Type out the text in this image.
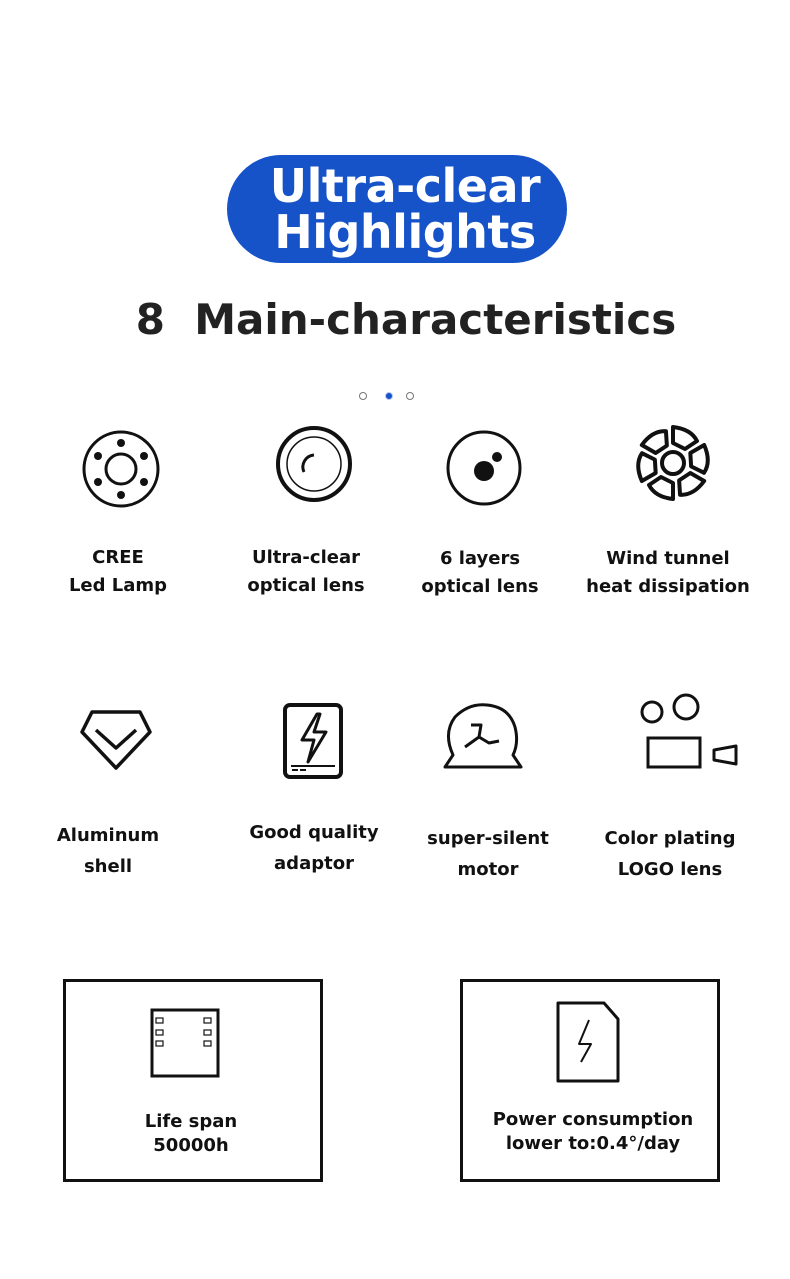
Ultra-clear
Highlights
8  Main-characteristics
CREE
Led Lamp
Ultra-clear
optical lens
6 layers
optical lens
Wind tunnel
heat dissipation
Aluminum
shell
Good quality
adaptor
super-silent
motor
Color plating
LOGO lens
Life span
50000h
Power consumption
lower to:0.4°/day
